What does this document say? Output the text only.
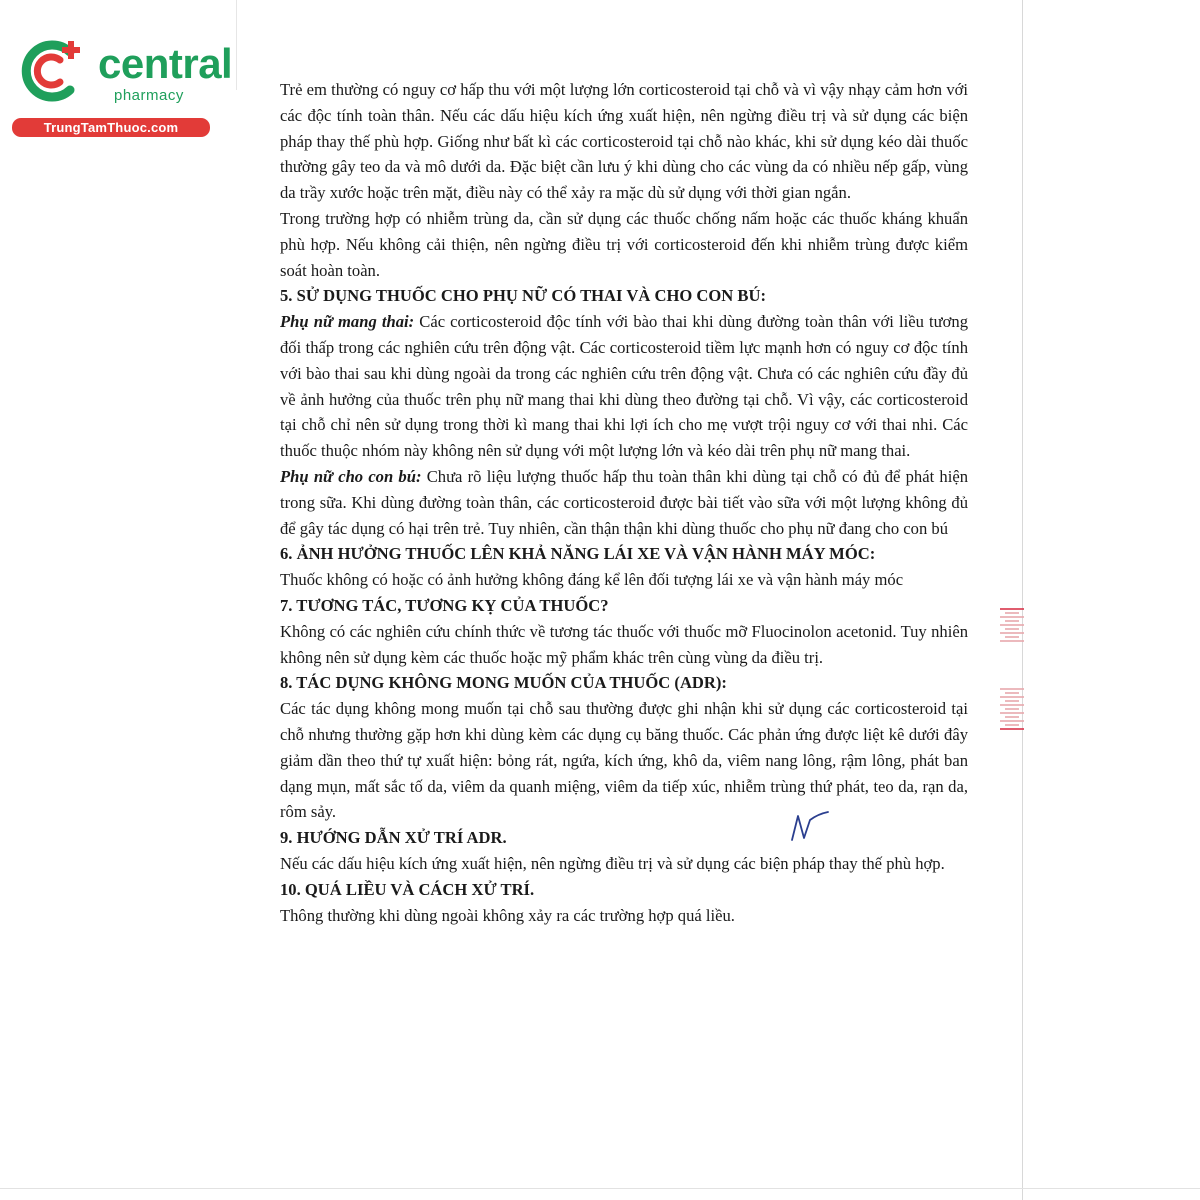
central
pharmacy
TrungTamThuoc.com

Trẻ em thường có nguy cơ hấp thu với một lượng lớn corticosteroid tại chỗ và vì vậy nhạy cảm hơn với các độc tính toàn thân. Nếu các dấu hiệu kích ứng xuất hiện, nên ngừng điều trị và sử dụng các biện pháp thay thế phù hợp. Giống như bất kì các corticosteroid tại chỗ nào khác, khi sử dụng kéo dài thuốc thường gây teo da và mô dưới da. Đặc biệt cần lưu ý khi dùng cho các vùng da có nhiều nếp gấp, vùng da trầy xước hoặc trên mặt, điều này có thể xảy ra mặc dù sử dụng với thời gian ngắn.

Trong trường hợp có nhiễm trùng da, cần sử dụng các thuốc chống nấm hoặc các thuốc kháng khuẩn phù hợp. Nếu không cải thiện, nên ngừng điều trị với corticosteroid đến khi nhiễm trùng được kiểm soát hoàn toàn.

5. SỬ DỤNG THUỐC CHO PHỤ NỮ CÓ THAI VÀ CHO CON BÚ:

Phụ nữ mang thai: Các corticosteroid độc tính với bào thai khi dùng đường toàn thân với liều tương đối thấp trong các nghiên cứu trên động vật. Các corticosteroid tiềm lực mạnh hơn có nguy cơ độc tính với bào thai sau khi dùng ngoài da trong các nghiên cứu trên động vật. Chưa có các nghiên cứu đầy đủ về ảnh hưởng của thuốc trên phụ nữ mang thai khi dùng theo đường tại chỗ. Vì vậy, các corticosteroid tại chỗ chỉ nên sử dụng trong thời kì mang thai khi lợi ích cho mẹ vượt trội nguy cơ với thai nhi. Các thuốc thuộc nhóm này không nên sử dụng với một lượng lớn và kéo dài trên phụ nữ mang thai.

Phụ nữ cho con bú: Chưa rõ liệu lượng thuốc hấp thu toàn thân khi dùng tại chỗ có đủ để phát hiện trong sữa. Khi dùng đường toàn thân, các corticosteroid được bài tiết vào sữa với một lượng không đủ để gây tác dụng có hại trên trẻ. Tuy nhiên, cần thận thận khi dùng thuốc cho phụ nữ đang cho con bú

6. ẢNH HƯỞNG THUỐC LÊN KHẢ NĂNG LÁI XE VÀ VẬN HÀNH MÁY MÓC:

Thuốc không có hoặc có ảnh hưởng không đáng kể lên đối tượng lái xe và vận hành máy móc

7. TƯƠNG TÁC, TƯƠNG KỴ CỦA THUỐC?

Không có các nghiên cứu chính thức về tương tác thuốc với thuốc mỡ Fluocinolon acetonid. Tuy nhiên không nên sử dụng kèm các thuốc hoặc mỹ phẩm khác trên cùng vùng da điều trị.

8. TÁC DỤNG KHÔNG MONG MUỐN CỦA THUỐC (ADR):

Các tác dụng không mong muốn tại chỗ sau thường được ghi nhận khi sử dụng các corticosteroid tại chỗ nhưng thường gặp hơn khi dùng kèm các dụng cụ băng thuốc. Các phản ứng được liệt kê dưới đây giảm dần theo thứ tự xuất hiện: bỏng rát, ngứa, kích ứng, khô da, viêm nang lông, rậm lông, phát ban dạng mụn, mất sắc tố da, viêm da quanh miệng, viêm da tiếp xúc, nhiễm trùng thứ phát, teo da, rạn da, rôm sảy.

9. HƯỚNG DẪN XỬ TRÍ ADR.

Nếu các dấu hiệu kích ứng xuất hiện, nên ngừng điều trị và sử dụng các biện pháp thay thế phù hợp.

10. QUÁ LIỀU VÀ CÁCH XỬ TRÍ.

Thông thường khi dùng ngoài không xảy ra các trường hợp quá liều.
